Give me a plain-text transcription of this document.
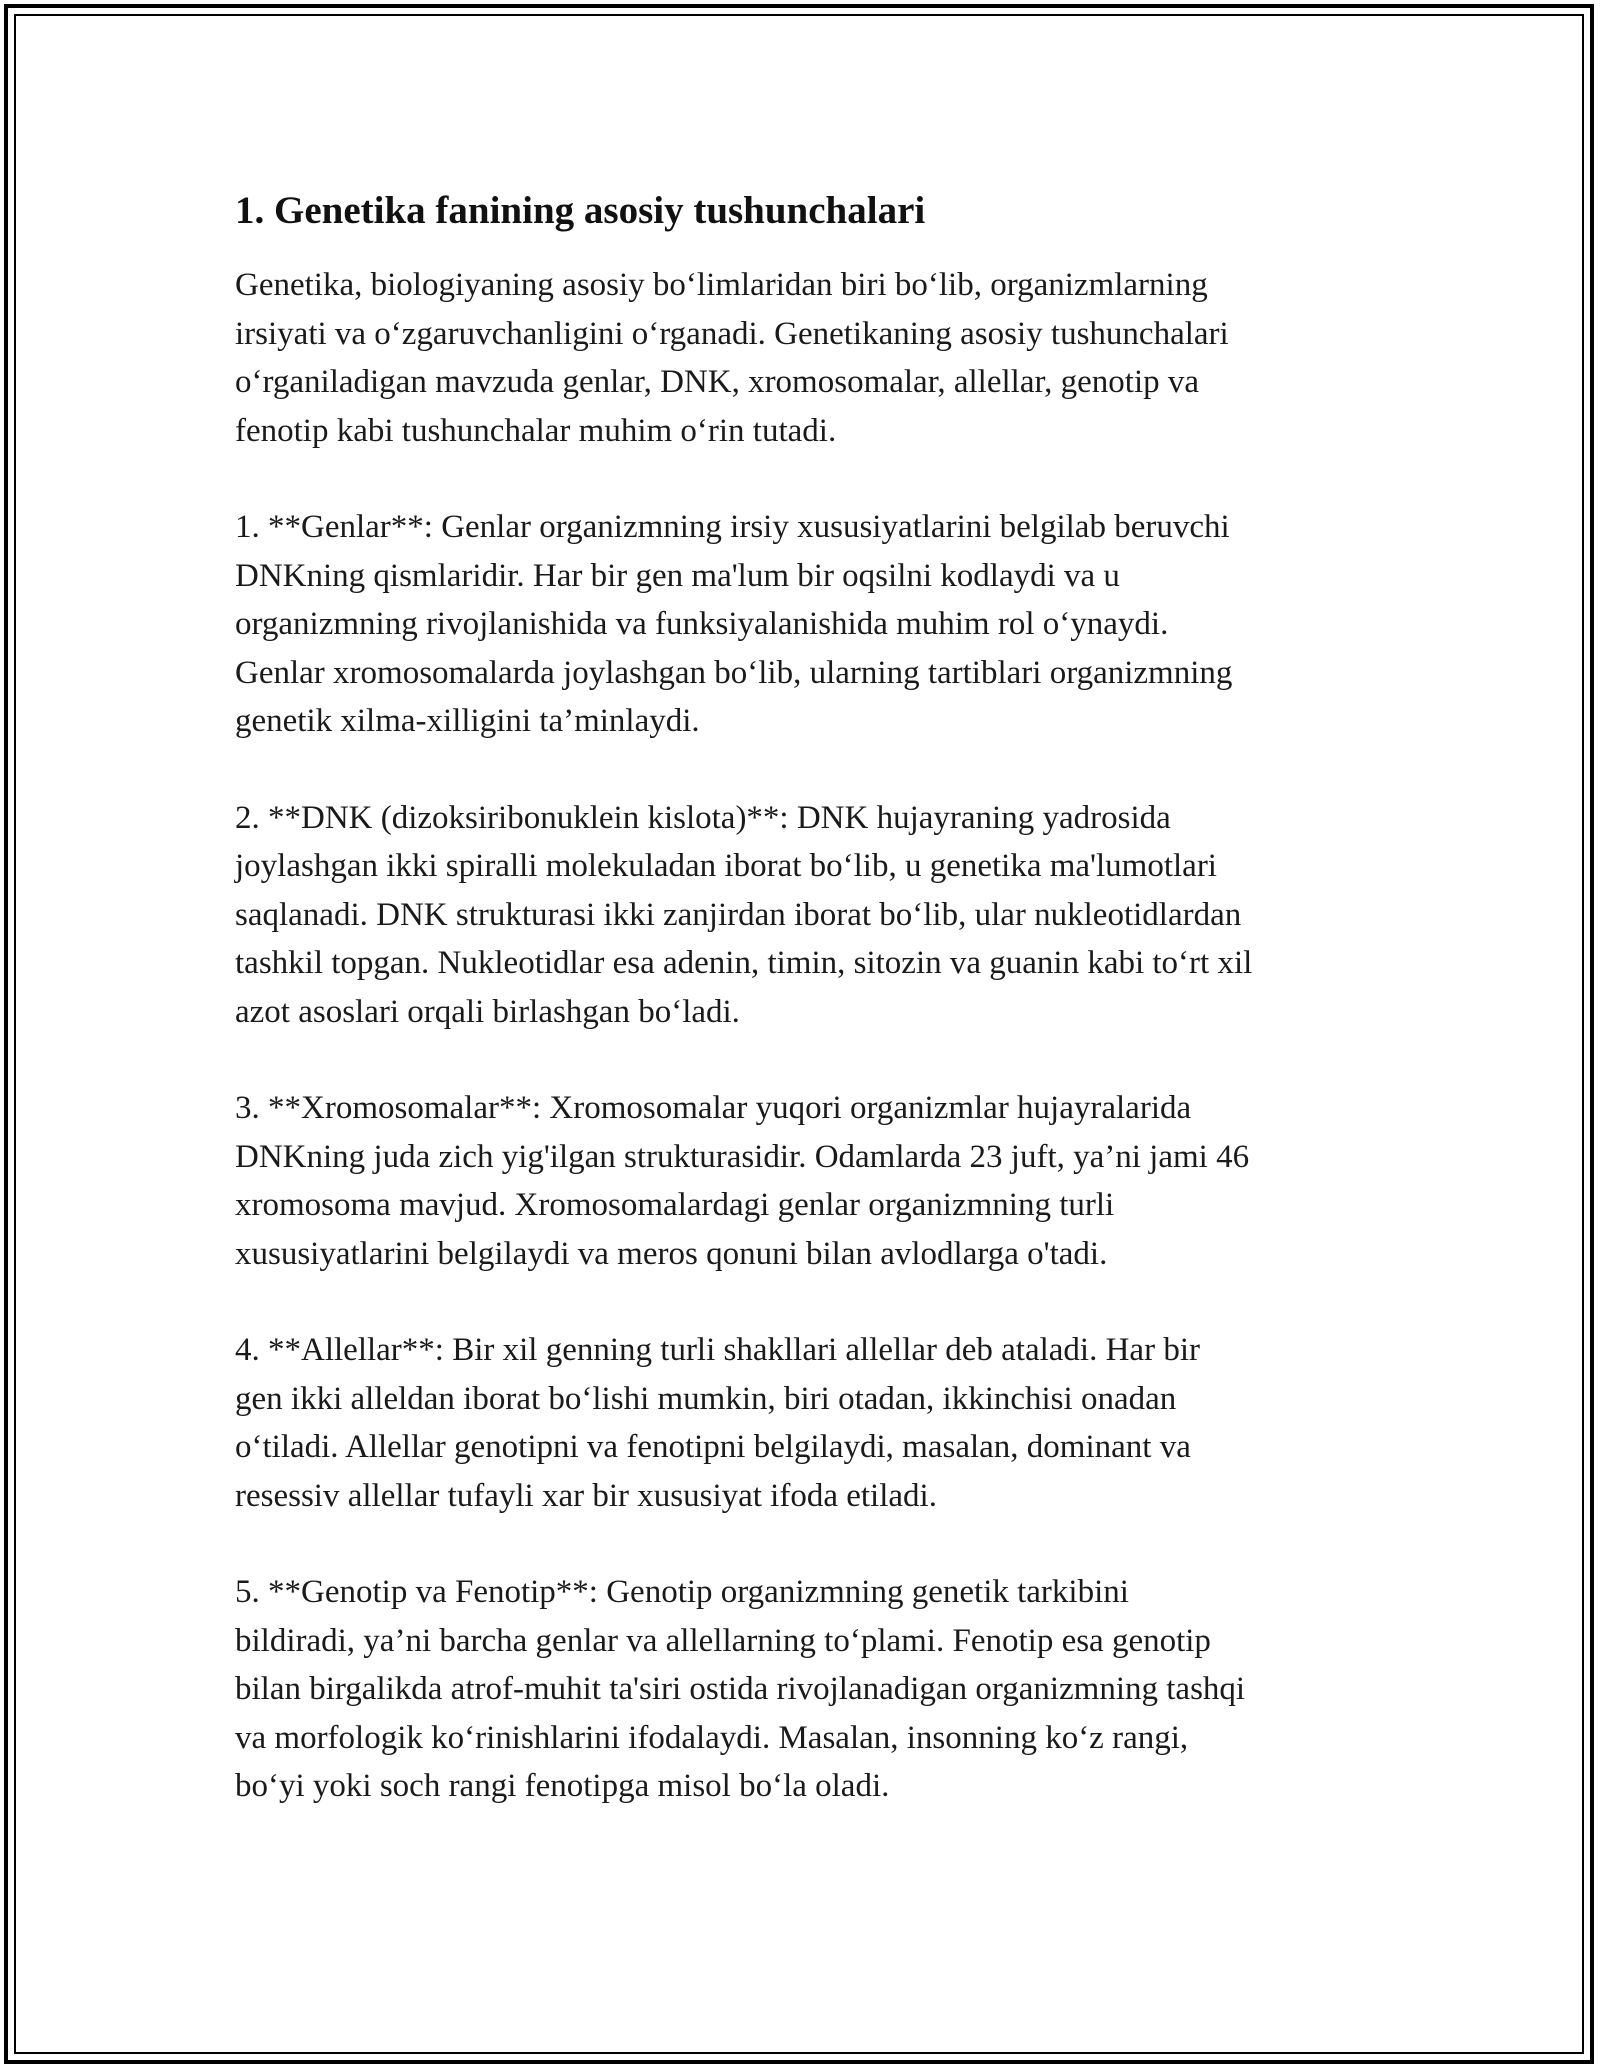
1. Genetika fanining asosiy tushunchalari

Genetika, biologiyaning asosiy bo‘limlaridan biri bo‘lib, organizmlarning
irsiyati va o‘zgaruvchanligini o‘rganadi. Genetikaning asosiy tushunchalari
o‘rganiladigan mavzuda genlar, DNK, xromosomalar, allellar, genotip va
fenotip kabi tushunchalar muhim o‘rin tutadi.

1. **Genlar**: Genlar organizmning irsiy xususiyatlarini belgilab beruvchi
DNKning qismlaridir. Har bir gen ma'lum bir oqsilni kodlaydi va u
organizmning rivojlanishida va funksiyalanishida muhim rol o‘ynaydi.
Genlar xromosomalarda joylashgan bo‘lib, ularning tartiblari organizmning
genetik xilma-xilligini ta’minlaydi.

2. **DNK (dizoksiribonuklein kislota)**: DNK hujayraning yadrosida
joylashgan ikki spiralli molekuladan iborat bo‘lib, u genetika ma'lumotlari
saqlanadi. DNK strukturasi ikki zanjirdan iborat bo‘lib, ular nukleotidlardan
tashkil topgan. Nukleotidlar esa adenin, timin, sitozin va guanin kabi to‘rt xil
azot asoslari orqali birlashgan bo‘ladi.

3. **Xromosomalar**: Xromosomalar yuqori organizmlar hujayralarida
DNKning juda zich yig'ilgan strukturasidir. Odamlarda 23 juft, ya’ni jami 46
xromosoma mavjud. Xromosomalardagi genlar organizmning turli
xususiyatlarini belgilaydi va meros qonuni bilan avlodlarga o'tadi.

4. **Allellar**: Bir xil genning turli shakllari allellar deb ataladi. Har bir
gen ikki alleldan iborat bo‘lishi mumkin, biri otadan, ikkinchisi onadan
o‘tiladi. Allellar genotipni va fenotipni belgilaydi, masalan, dominant va
resessiv allellar tufayli xar bir xususiyat ifoda etiladi.

5. **Genotip va Fenotip**: Genotip organizmning genetik tarkibini
bildiradi, ya’ni barcha genlar va allellarning to‘plami. Fenotip esa genotip
bilan birgalikda atrof-muhit ta'siri ostida rivojlanadigan organizmning tashqi
va morfologik ko‘rinishlarini ifodalaydi. Masalan, insonning ko‘z rangi,
bo‘yi yoki soch rangi fenotipga misol bo‘la oladi.
